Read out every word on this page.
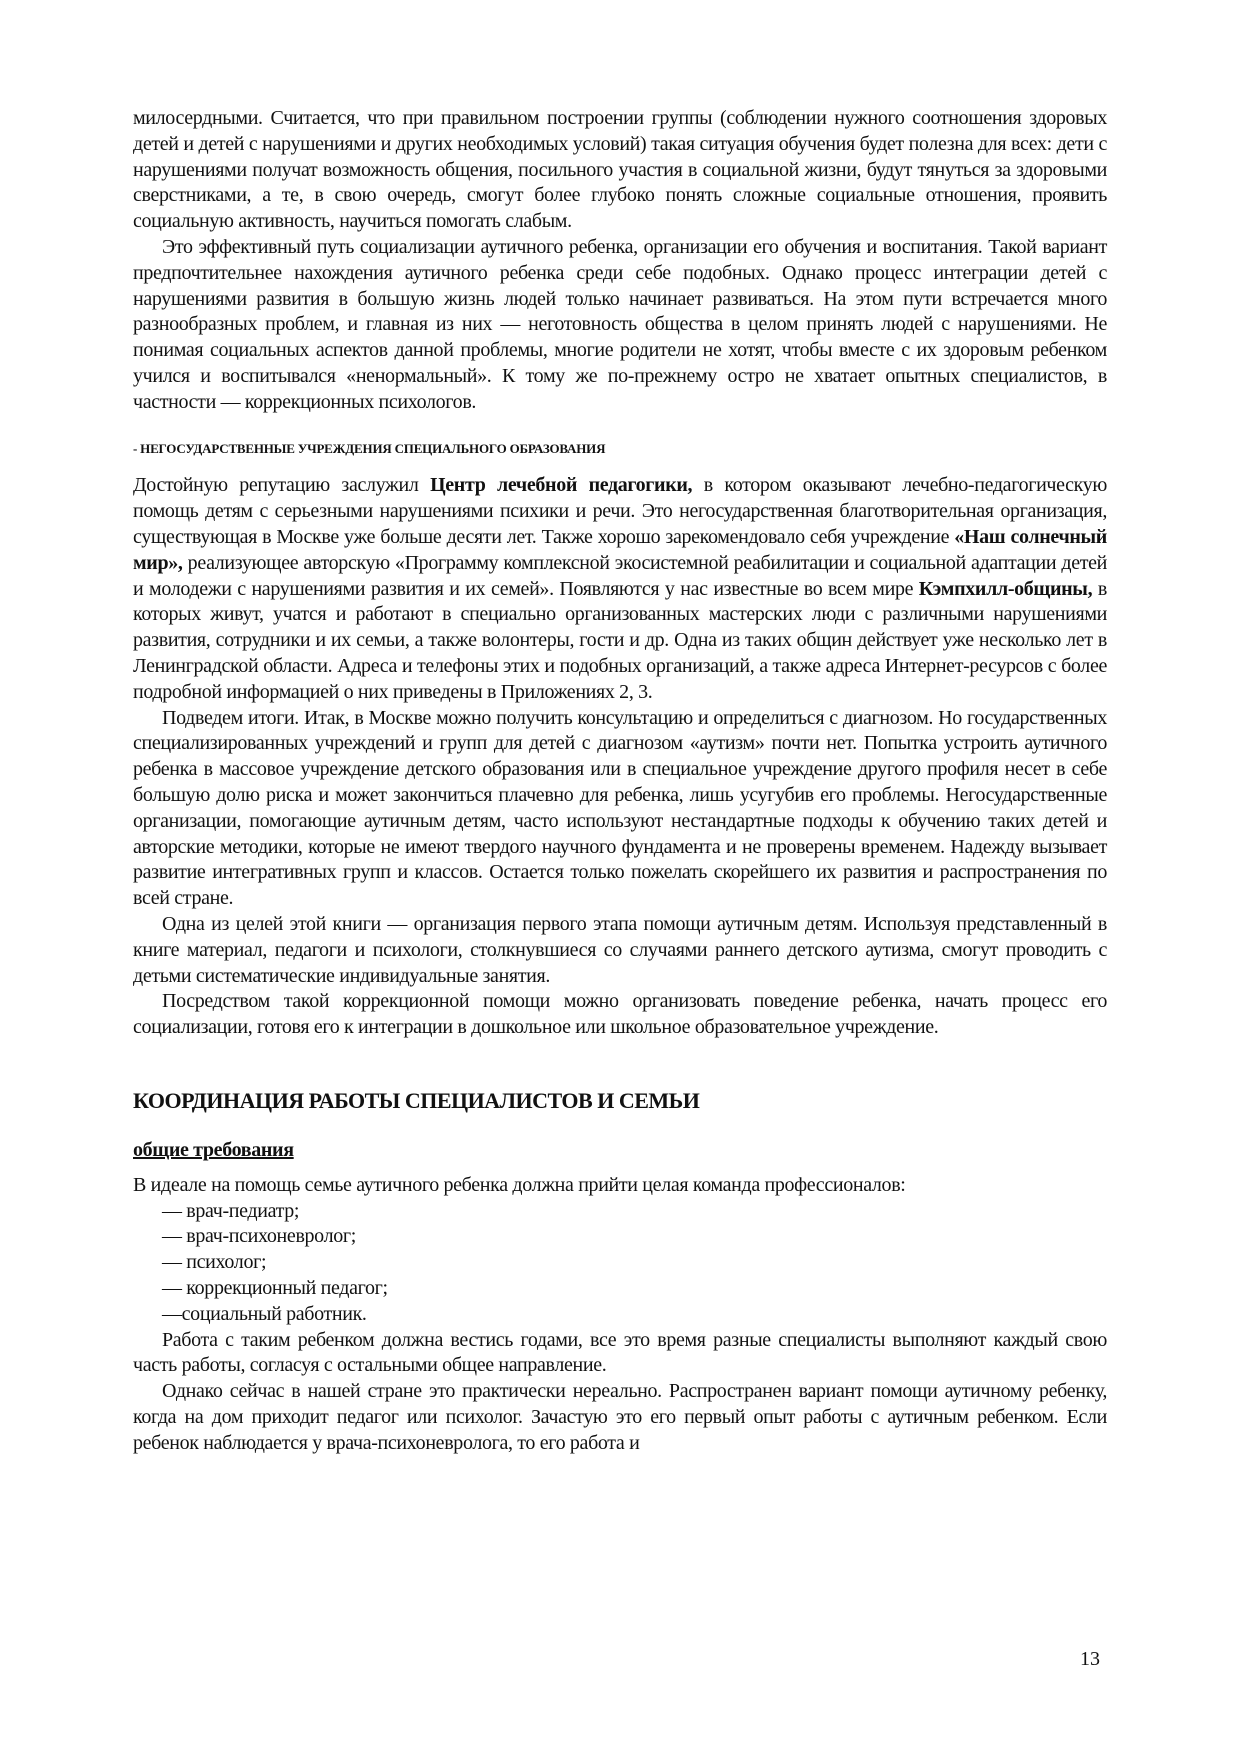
милосердными. Считается, что при правильном построении группы (соблюдении нужного соотношения здоровых детей и детей с нарушениями и других необходимых условий) такая ситуация обучения будет полезна для всех: дети с нарушениями получат возможность общения, посильного участия в социальной жизни, будут тянуться за здоровыми сверстниками, а те, в свою очередь, смогут более глубоко понять сложные социальные отношения, проявить социальную активность, научиться помогать слабым.

Это эффективный путь социализации аутичного ребенка, организации его обучения и воспитания. Такой вариант предпочтительнее нахождения аутичного ребенка среди себе подобных. Однако процесс интеграции детей с нарушениями развития в большую жизнь людей только начинает развиваться. На этом пути встречается много разнообразных проблем, и главная из них — неготовность общества в целом принять людей с нарушениями. Не понимая социальных аспектов данной проблемы, многие родители не хотят, чтобы вместе с их здоровым ребенком учился и воспитывался «ненормальный». К тому же по-прежнему остро не хватает опытных специалистов, в частности — коррекционных психологов.

- НЕГОСУДАРСТВЕННЫЕ УЧРЕЖДЕНИЯ СПЕЦИАЛЬНОГО ОБРАЗОВАНИЯ

Достойную репутацию заслужил Центр лечебной педагогики, в котором оказывают лечебно-педагогическую помощь детям с серьезными нарушениями психики и речи. Это негосударственная благотворительная организация, существующая в Москве уже больше десяти лет. Также хорошо зарекомендовало себя учреждение «Наш солнечный мир», реализующее авторскую «Программу комплексной экосистемной реабилитации и социальной адаптации детей и молодежи с нарушениями развития и их семей». Появляются у нас известные во всем мире Кэмпхилл-общины, в которых живут, учатся и работают в специально организованных мастерских люди с различными нарушениями развития, сотрудники и их семьи, а также волонтеры, гости и др. Одна из таких общин действует уже несколько лет в Ленинградской области. Адреса и телефоны этих и подобных организаций, а также адреса Интернет-ресурсов с более подробной информацией о них приведены в Приложениях 2, 3.

Подведем итоги. Итак, в Москве можно получить консультацию и определиться с диагнозом. Но государственных специализированных учреждений и групп для детей с диагнозом «аутизм» почти нет. Попытка устроить аутичного ребенка в массовое учреждение детского образования или в специальное учреждение другого профиля несет в себе большую долю риска и может закончиться плачевно для ребенка, лишь усугубив его проблемы. Негосударственные организации, помогающие аутичным детям, часто используют нестандартные подходы к обучению таких детей и авторские методики, которые не имеют твердого научного фундамента и не проверены временем. Надежду вызывает развитие интегративных групп и классов. Остается только пожелать скорейшего их развития и распространения по всей стране.

Одна из целей этой книги — организация первого этапа помощи аутичным детям. Используя представленный в книге материал, педагоги и психологи, столкнувшиеся со случаями раннего детского аутизма, смогут проводить с детьми систематические индивидуальные занятия.

Посредством такой коррекционной помощи можно организовать поведение ребенка, начать процесс его социализации, готовя его к интеграции в дошкольное или школьное образовательное учреждение.

КООРДИНАЦИЯ РАБОТЫ СПЕЦИАЛИСТОВ И СЕМЬИ
общие требования

В идеале на помощь семье аутичного ребенка должна прийти целая команда профессионалов:

— врач-педиатр;

— врач-психоневролог;

— психолог;

— коррекционный педагог;

—социальный работник.

Работа с таким ребенком должна вестись годами, все это время разные специалисты выполняют каждый свою часть работы, согласуя с остальными общее направление.

Однако сейчас в нашей стране это практически нереально. Распространен вариант помощи аутичному ребенку, когда на дом приходит педагог или психолог. Зачастую это его первый опыт работы с аутичным ребенком. Если ребенок наблюдается у врача-психоневролога, то его работа и

13
